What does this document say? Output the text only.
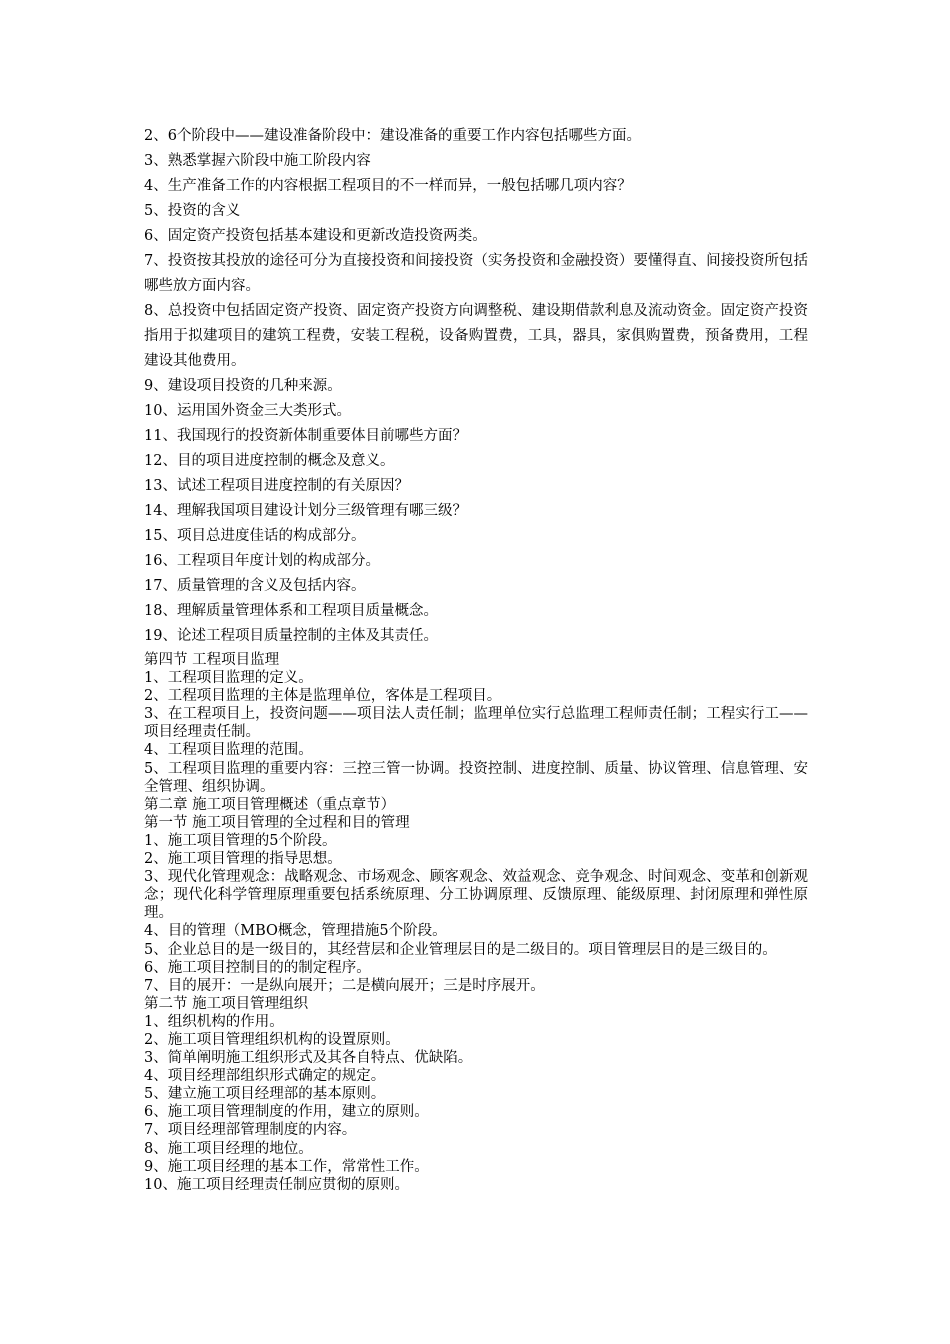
2、6个阶段中——建设准备阶段中：建设准备的重要工作内容包括哪些方面。

3、熟悉掌握六阶段中施工阶段内容

4、生产准备工作的内容根据工程项目的不一样而异，一般包括哪几项内容？

5、投资的含义

6、固定资产投资包括基本建设和更新改造投资两类。

7、投资按其投放的途径可分为直接投资和间接投资（实务投资和金融投资）要懂得直、间接投资所包括哪些放方面内容。

8、总投资中包括固定资产投资、固定资产投资方向调整税、建设期借款利息及流动资金。固定资产投资指用于拟建项目的建筑工程费，安装工程税，设备购置费，工具，器具，家俱购置费，预备费用，工程建设其他费用。

9、建设项目投资的几种来源。

10、运用国外资金三大类形式。

11、我国现行的投资新体制重要体目前哪些方面？

12、目的项目进度控制的概念及意义。

13、试述工程项目进度控制的有关原因？

14、理解我国项目建设计划分三级管理有哪三级？

15、项目总进度佳话的构成部分。

16、工程项目年度计划的构成部分。

17、质量管理的含义及包括内容。

18、理解质量管理体系和工程项目质量概念。

19、论述工程项目质量控制的主体及其责任。

第四节 工程项目监理

1、工程项目监理的定义。

2、工程项目监理的主体是监理单位，客体是工程项目。

3、在工程项目上，投资问题——项目法人责任制；监理单位实行总监理工程师责任制；工程实行工——项目经理责任制。

4、工程项目监理的范围。

5、工程项目监理的重要内容：三控三管一协调。投资控制、进度控制、质量、协议管理、信息管理、安全管理、组织协调。

第二章 施工项目管理概述（重点章节）

第一节 施工项目管理的全过程和目的管理

1、施工项目管理的5个阶段。

2、施工项目管理的指导思想。

3、现代化管理观念：战略观念、市场观念、顾客观念、效益观念、竞争观念、时间观念、变革和创新观念；现代化科学管理原理重要包括系统原理、分工协调原理、反馈原理、能级原理、封闭原理和弹性原理。

4、目的管理（MBO概念，管理措施5个阶段。

5、企业总目的是一级目的，其经营层和企业管理层目的是二级目的。项目管理层目的是三级目的。

6、施工项目控制目的的制定程序。

7、目的展开：一是纵向展开；二是横向展开；三是时序展开。

第二节 施工项目管理组织

1、组织机构的作用。

2、施工项目管理组织机构的设置原则。

3、简单阐明施工组织形式及其各自特点、优缺陷。

4、项目经理部组织形式确定的规定。

5、建立施工项目经理部的基本原则。

6、施工项目管理制度的作用，建立的原则。

7、项目经理部管理制度的内容。

8、施工项目经理的地位。

9、施工项目经理的基本工作，常常性工作。

10、施工项目经理责任制应贯彻的原则。
